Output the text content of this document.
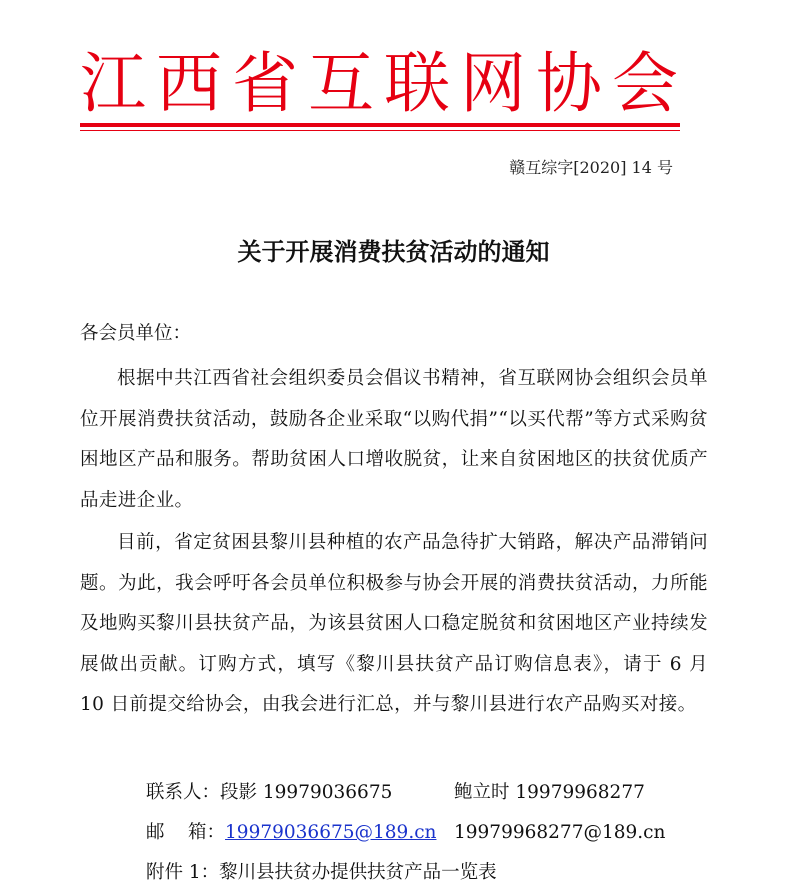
江西省互联网协会
赣互综字[2020] 14 号
关于开展消费扶贫活动的通知
各会员单位：
根据中共江西省社会组织委员会倡议书精神，省互联网协会组织会员单位开展消费扶贫活动，鼓励各企业采取“以购代捐”“以买代帮”等方式采购贫困地区产品和服务。帮助贫困人口增收脱贫，让来自贫困地区的扶贫优质产品走进企业。
目前，省定贫困县黎川县种植的农产品急待扩大销路，解决产品滞销问题。为此，我会呼吁各会员单位积极参与协会开展的消费扶贫活动，力所能及地购买黎川县扶贫产品，为该县贫困人口稳定脱贫和贫困地区产业持续发展做出贡献。订购方式，填写《黎川县扶贫产品订购信息表》，请于 6 月 10 日前提交给协会，由我会进行汇总，并与黎川县进行农产品购买对接。
联系人：段影 19979036675	鲍立时 19979968277
邮    箱：19979036675@189.cn 19979968277@189.cn
附件 1：黎川县扶贫办提供扶贫产品一览表
